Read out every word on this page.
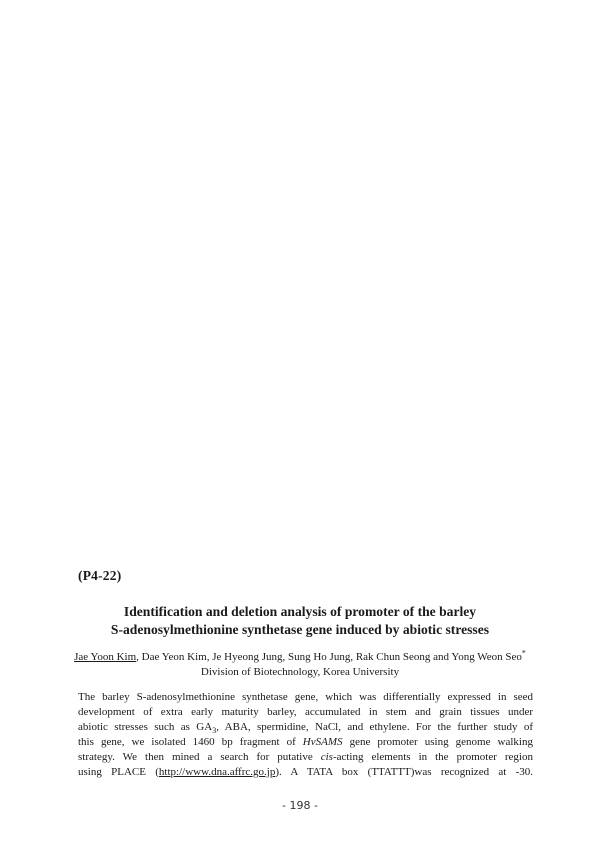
(P4-22)
Identification and deletion analysis of promoter of the barley
S-adenosylmethionine synthetase gene induced by abiotic stresses
Jae Yoon Kim, Dae Yeon Kim, Je Hyeong Jung, Sung Ho Jung, Rak Chun Seong and Yong Weon Seo*
Division of Biotechnology, Korea University
The barley S-adenosylmethionine synthetase gene, which was differentially expressed in seed
development of extra early maturity barley, accumulated in stem and grain tissues under
abiotic stresses such as $GA_3$, ABA, spermidine, NaCl, and ethylene. For the further study of
this gene, we isolated 1460 bp fragment of HvSAMS gene promoter using genome walking
strategy. We then mined a search for putative cis-acting elements in the promoter region
using PLACE (http://www.dna.affrc.go.jp). A TATA box (TTATTT)was recognized at -30.
- 198 -
